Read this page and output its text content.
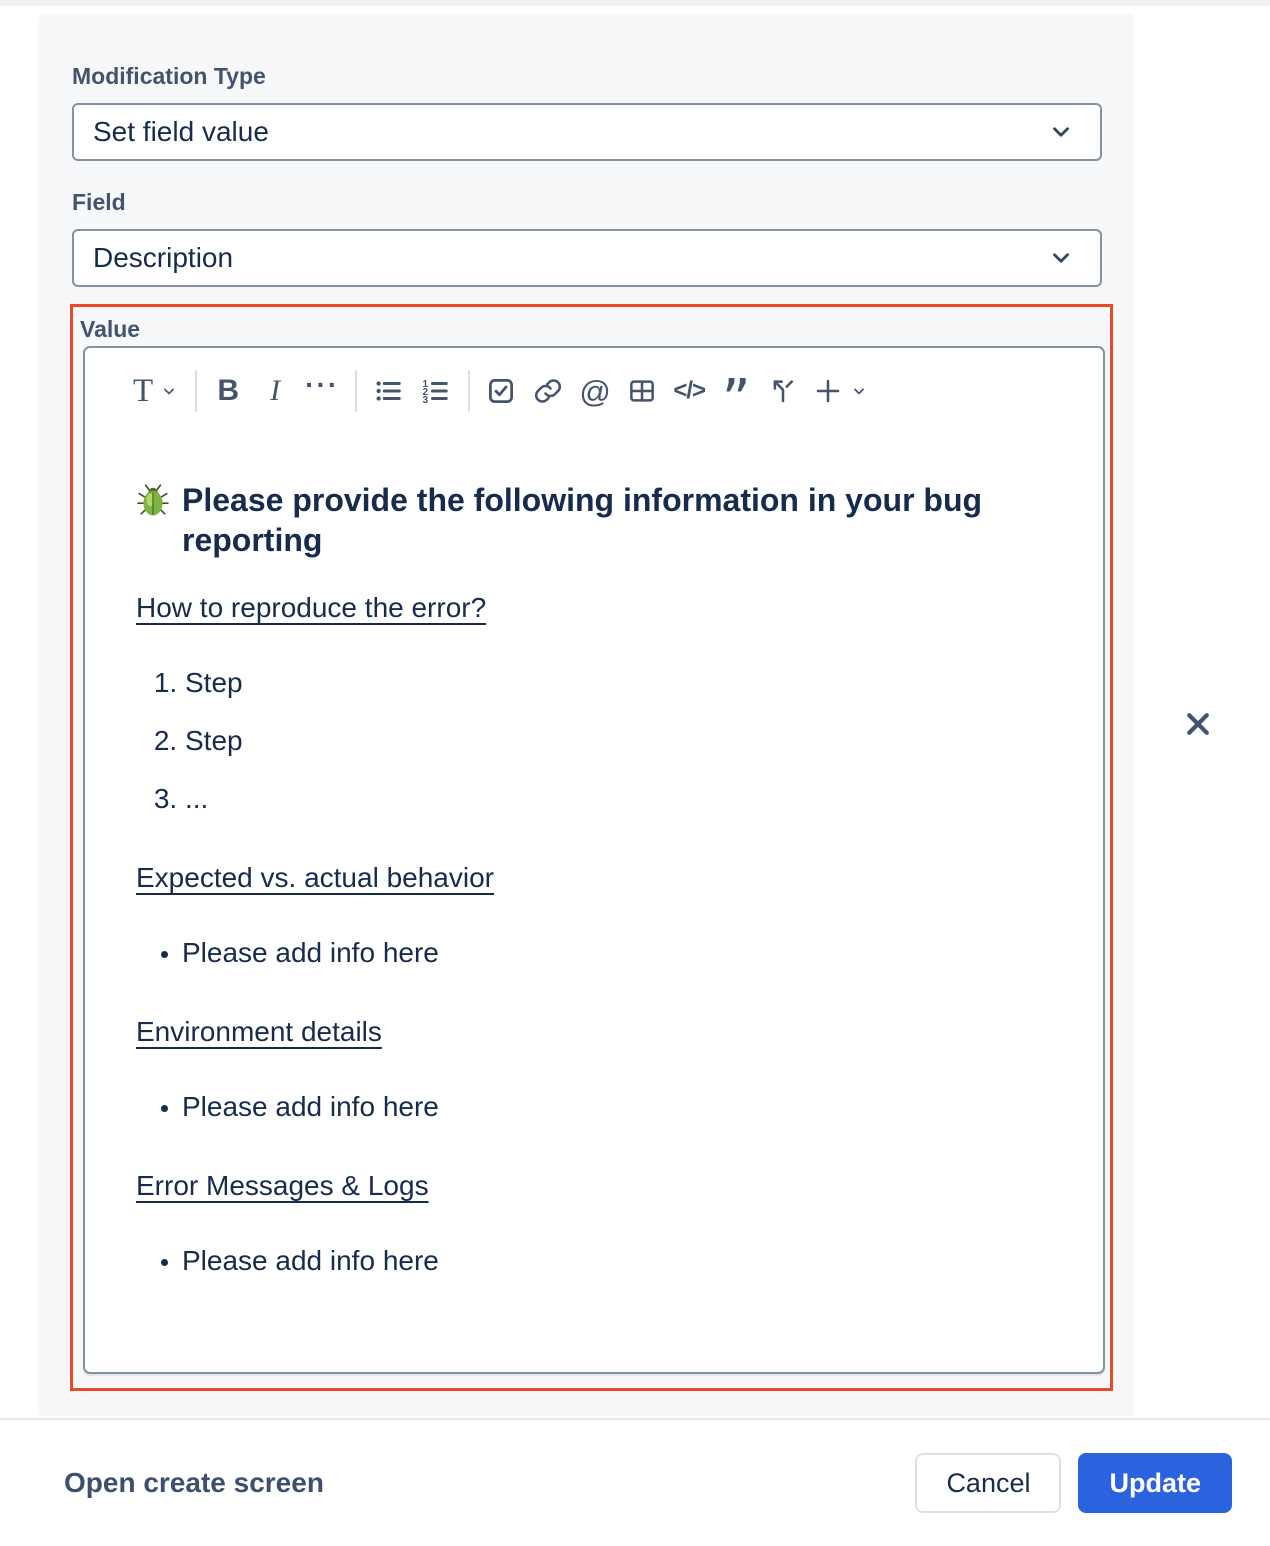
Modification Type
Set field value
Field
Description
Value
T B I ···	1
2
3	@	</> ”
Please provide the following information in your bug reporting
How to reproduce the error?
1. Step
2. Step
3. ...
Expected vs. actual behavior
• Please add info here
Environment details
• Please add info here
Error Messages & Logs
• Please add info here
Open create screen	Cancel	Update
